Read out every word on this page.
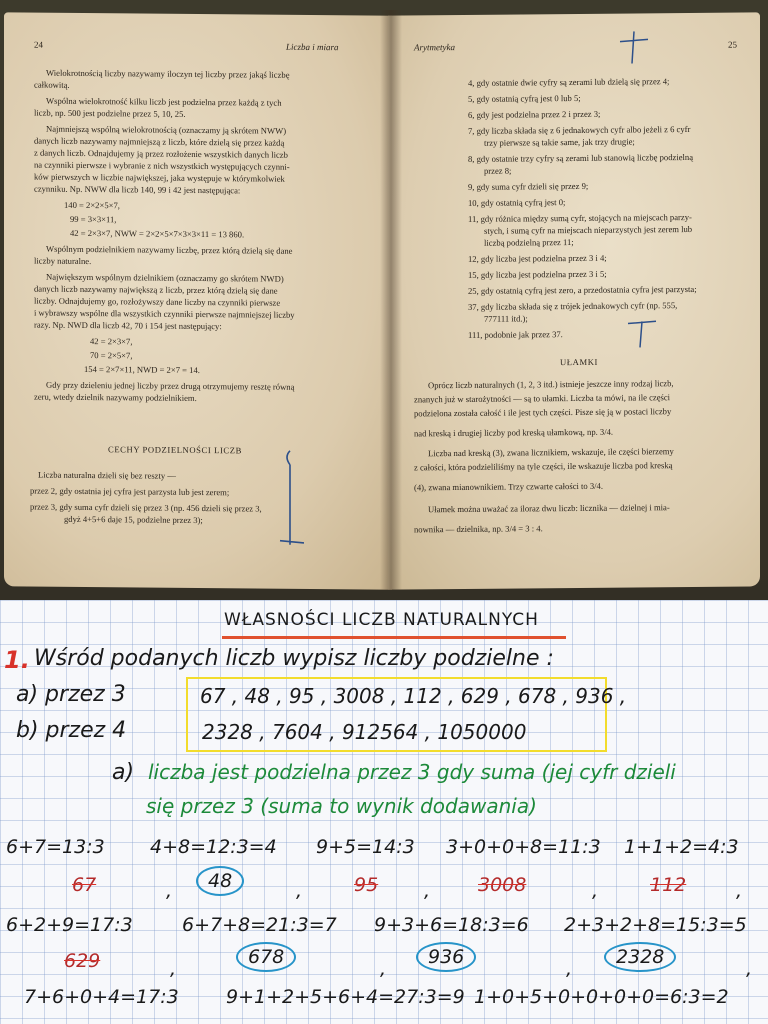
24	Liczba i miara
Wielokrotnością liczby nazywamy iloczyn tej liczby przez jakąś liczbę
całkowitą.
Wspólna wielokrotność kilku liczb jest podzielna przez każdą z tych
liczb, np. 500 jest podzielne przez 5, 10, 25.
Najmniejszą wspólną wielokrotnością (oznaczamy ją skrótem NWW)
danych liczb nazywamy najmniejszą z liczb, które dzielą się przez każdą
z danych liczb. Odnajdujemy ją przez rozłożenie wszystkich danych liczb
na czynniki pierwsze i wybranie z nich wszystkich występujących czynni-
ków pierwszych w liczbie największej, jaka występuje w którymkolwiek
czynniku. Np. NWW dla liczb 140, 99 i 42 jest następująca:
140 = 2×2×5×7,
99 = 3×3×11,
42 = 2×3×7, NWW = 2×2×5×7×3×3×11 = 13 860.
Wspólnym podzielnikiem nazywamy liczbę, przez którą dzielą się dane
liczby naturalne.
Największym wspólnym dzielnikiem (oznaczamy go skrótem NWD)
danych liczb nazywamy największą z liczb, przez którą dzielą się dane
liczby. Odnajdujemy go, rozłożywszy dane liczby na czynniki pierwsze
i wybrawszy wspólne dla wszystkich czynniki pierwsze najmniejszej liczby
razy. Np. NWD dla liczb 42, 70 i 154 jest następujący:
42 = 2×3×7,
70 = 2×5×7,
154 = 2×7×11, NWD = 2×7 = 14.
Gdy przy dzieleniu jednej liczby przez drugą otrzymujemy resztę równą
zeru, wtedy dzielnik nazywamy podzielnikiem.
CECHY PODZIELNOŚCI LICZB
Liczba naturalna dzieli się bez reszty —
przez 2, gdy ostatnia jej cyfra jest parzysta lub jest zerem;
przez 3, gdy suma cyfr dzieli się przez 3 (np. 456 dzieli się przez 3,
gdyż 4+5+6 daje 15, podzielne przez 3);
Arytmetyka	25
4, gdy ostatnie dwie cyfry są zerami lub dzielą się przez 4;
5, gdy ostatnią cyfrą jest 0 lub 5;
6, gdy jest podzielna przez 2 i przez 3;
7, gdy liczba składa się z 6 jednakowych cyfr albo jeżeli z 6 cyfr
trzy pierwsze są takie same, jak trzy drugie;
8, gdy ostatnie trzy cyfry są zerami lub stanowią liczbę podzielną
przez 8;
9, gdy suma cyfr dzieli się przez 9;
10, gdy ostatnią cyfrą jest 0;
11, gdy różnica między sumą cyfr, stojących na miejscach parzy-
stych, i sumą cyfr na miejscach nieparzystych jest zerem lub
liczbą podzielną przez 11;
12, gdy liczba jest podzielna przez 3 i 4;
15, gdy liczba jest podzielna przez 3 i 5;
25, gdy ostatnią cyfrą jest zero, a przedostatnia cyfra jest parzysta;
37, gdy liczba składa się z trójek jednakowych cyfr (np. 555,
777111 itd.);
111, podobnie jak przez 37.
UŁAMKI
Oprócz liczb naturalnych (1, 2, 3 itd.) istnieje jeszcze inny rodzaj liczb,
znanych już w starożytności — są to ułamki. Liczba ta mówi, na ile części
podzielona została całość i ile jest tych części. Pisze się ją w postaci liczby
nad kreską i drugiej liczby pod kreską ułamkową, np. 3/4.
Liczba nad kreską (3), zwana licznikiem, wskazuje, ile części bierzemy
z całości, która podzieliliśmy na tyle części, ile wskazuje liczba pod kreską
(4), zwana mianownikiem. Trzy czwarte całości to 3/4.
Ułamek można uważać za iloraz dwu liczb: licznika — dzielnej i mia-
nownika — dzielnika, np. 3/4 = 3 : 4.
WŁASNOŚCI LICZB NATURALNYCH
1. Wśród podanych liczb wypisz liczby podzielne :
a) przez 3
b) przez 4
67 , 48 , 95 , 3008 , 112 , 629 , 678 , 936 ,
2328 , 7604 , 912564 , 1050000
a) liczba jest podzielna przez 3 gdy suma (jej cyfr dzieli
się przez 3 (suma to wynik dodawania)
6+7=13:3 4+8=12:3=4 9+5=14:3 3+0+0+8=11:3 1+1+2=4:3
67	48	95	3008	112
,	,	,	,	,
6+2+9=17:3	6+7+8=21:3=7 9+3+6=18:3=6 2+3+2+8=15:3=5
629	678	936	2328
,	,	,	,
7+6+0+4=17:3 9+1+2+5+6+4=27:3=9 1+0+5+0+0+0+0=6:3=2
